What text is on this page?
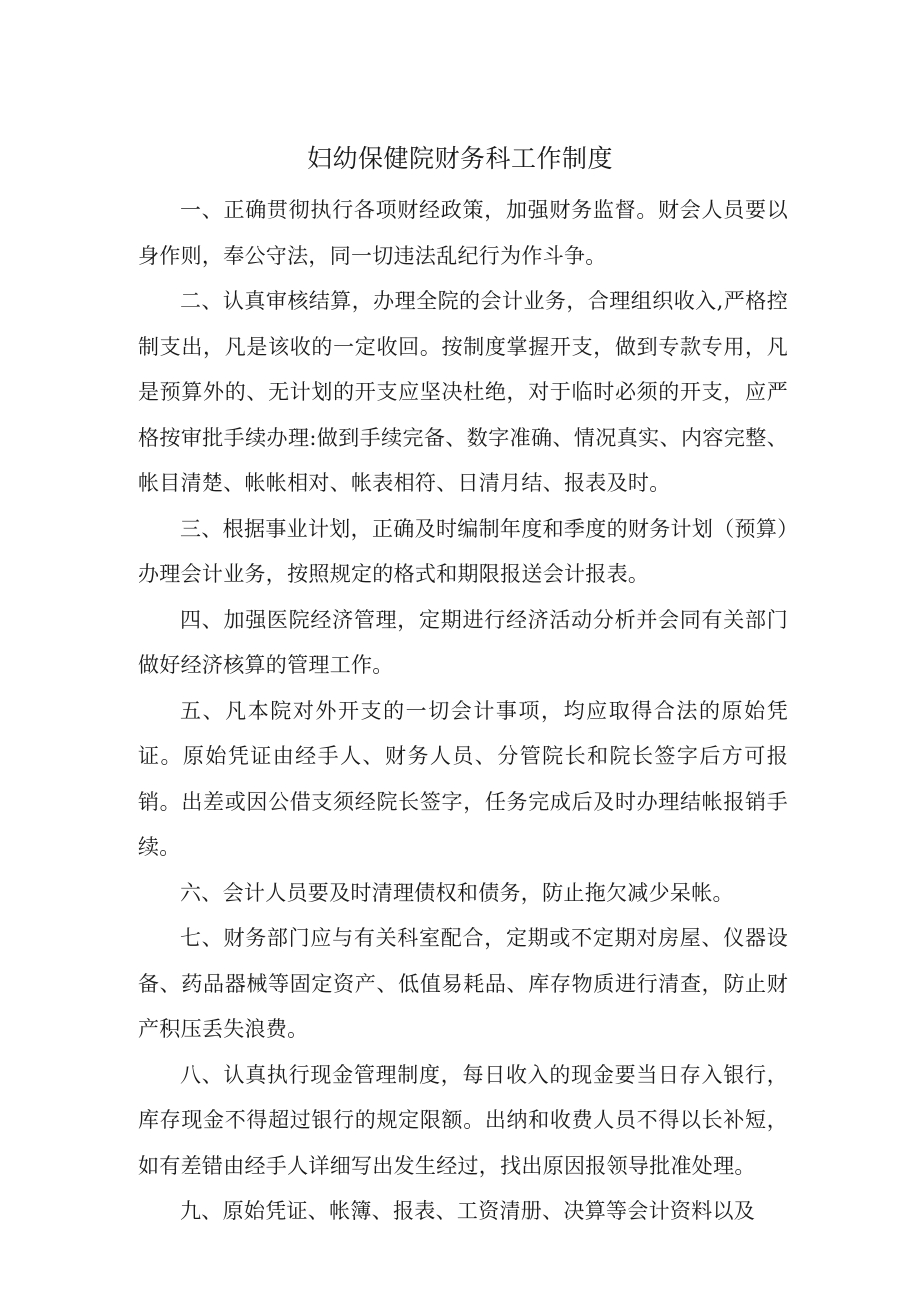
妇幼保健院财务科工作制度

一、正确贯彻执行各项财经政策，加强财务监督。财会人员要以身作则，奉公守法，同一切违法乱纪行为作斗争。

二、认真审核结算，办理全院的会计业务，合理组织收入,严格控制支出，凡是该收的一定收回。按制度掌握开支，做到专款专用，凡是预算外的、无计划的开支应坚决杜绝，对于临时必须的开支，应严格按审批手续办理:做到手续完备、数字准确、情况真实、内容完整、帐目清楚、帐帐相对、帐表相符、日清月结、报表及时。

三、根据事业计划，正确及时编制年度和季度的财务计划（预算）办理会计业务，按照规定的格式和期限报送会计报表。

四、加强医院经济管理，定期进行经济活动分析并会同有关部门做好经济核算的管理工作。

五、凡本院对外开支的一切会计事项，均应取得合法的原始凭证。原始凭证由经手人、财务人员、分管院长和院长签字后方可报销。出差或因公借支须经院长签字，任务完成后及时办理结帐报销手续。

六、会计人员要及时清理债权和债务，防止拖欠减少呆帐。

七、财务部门应与有关科室配合，定期或不定期对房屋、仪器设备、药品器械等固定资产、低值易耗品、库存物质进行清查，防止财产积压丢失浪费。

八、认真执行现金管理制度，每日收入的现金要当日存入银行，库存现金不得超过银行的规定限额。出纳和收费人员不得以长补短，如有差错由经手人详细写出发生经过，找出原因报领导批准处理。

九、原始凭证、帐簿、报表、工资清册、决算等会计资料以及
